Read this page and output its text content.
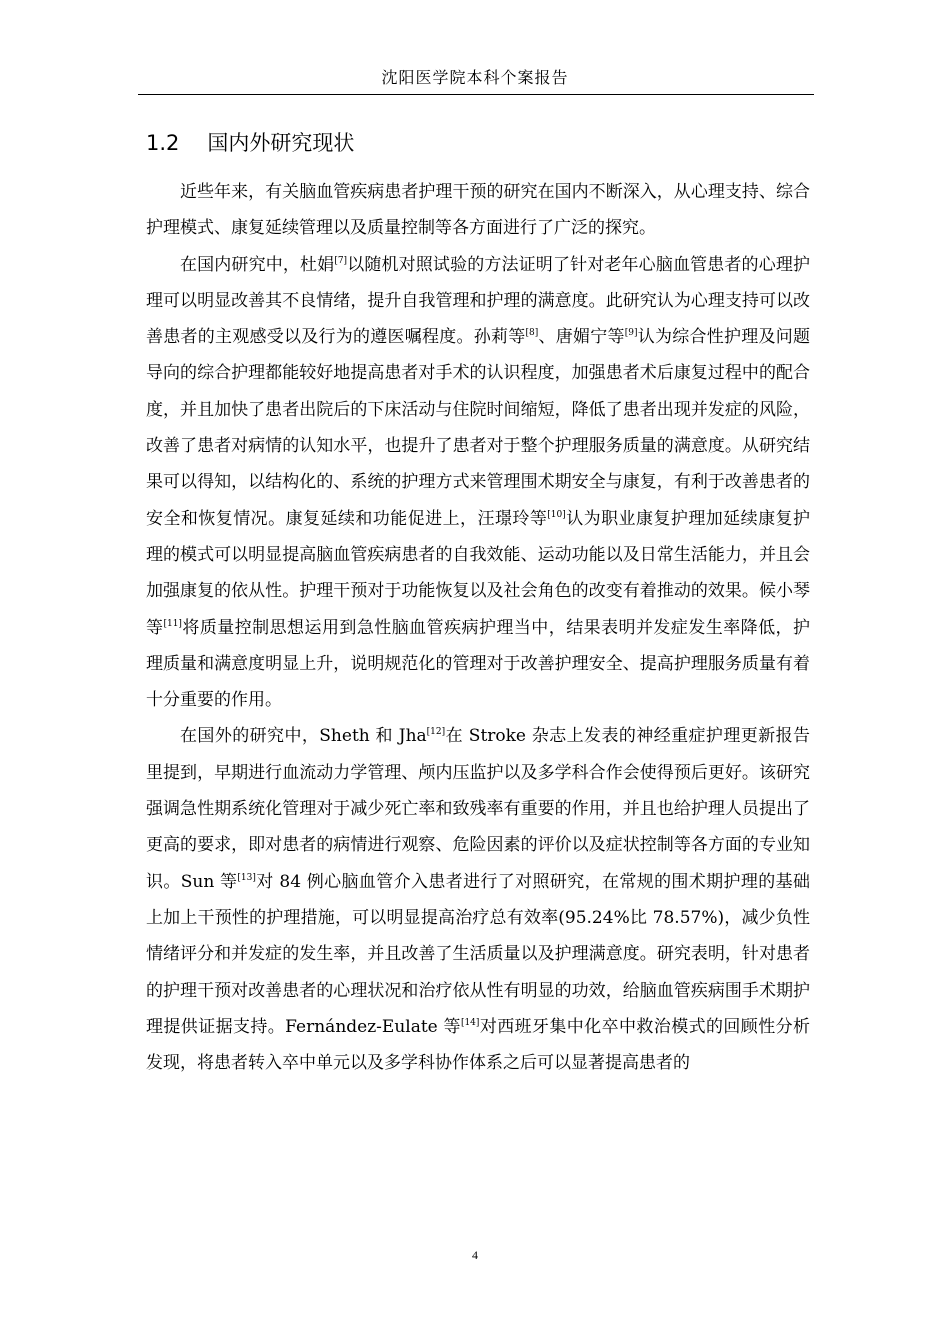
沈阳医学院本科个案报告
1.2 国内外研究现状

近些年来，有关脑血管疾病患者护理干预的研究在国内不断深入，从心理支持、综合护理模式、康复延续管理以及质量控制等各方面进行了广泛的探究。

在国内研究中，杜娟[7]以随机对照试验的方法证明了针对老年心脑血管患者的心理护理可以明显改善其不良情绪，提升自我管理和护理的满意度。此研究认为心理支持可以改善患者的主观感受以及行为的遵医嘱程度。孙莉等[8]、唐媚宁等[9]认为综合性护理及问题导向的综合护理都能较好地提高患者对手术的认识程度，加强患者术后康复过程中的配合度，并且加快了患者出院后的下床活动与住院时间缩短，降低了患者出现并发症的风险，改善了患者对病情的认知水平，也提升了患者对于整个护理服务质量的满意度。从研究结果可以得知，以结构化的、系统的护理方式来管理围术期安全与康复，有利于改善患者的安全和恢复情况。康复延续和功能促进上，汪璟玲等[10]认为职业康复护理加延续康复护理的模式可以明显提高脑血管疾病患者的自我效能、运动功能以及日常生活能力，并且会加强康复的依从性。护理干预对于功能恢复以及社会角色的改变有着推动的效果。候小琴等[11]将质量控制思想运用到急性脑血管疾病护理当中，结果表明并发症发生率降低，护理质量和满意度明显上升，说明规范化的管理对于改善护理安全、提高护理服务质量有着十分重要的作用。

在国外的研究中，Sheth 和 Jha[12]在 Stroke 杂志上发表的神经重症护理更新报告里提到，早期进行血流动力学管理、颅内压监护以及多学科合作会使得预后更好。该研究强调急性期系统化管理对于减少死亡率和致残率有重要的作用，并且也给护理人员提出了更高的要求，即对患者的病情进行观察、危险因素的评价以及症状控制等各方面的专业知识。Sun 等[13]对 84 例心脑血管介入患者进行了对照研究，在常规的围术期护理的基础上加上干预性的护理措施，可以明显提高治疗总有效率(95.24%比 78.57%)，减少负性情绪评分和并发症的发生率，并且改善了生活质量以及护理满意度。研究表明，针对患者的护理干预对改善患者的心理状况和治疗依从性有明显的功效，给脑血管疾病围手术期护理提供证据支持。Fernández-Eulate 等[14]对西班牙集中化卒中救治模式的回顾性分析发现，将患者转入卒中单元以及多学科协作体系之后可以显著提高患者的

4
